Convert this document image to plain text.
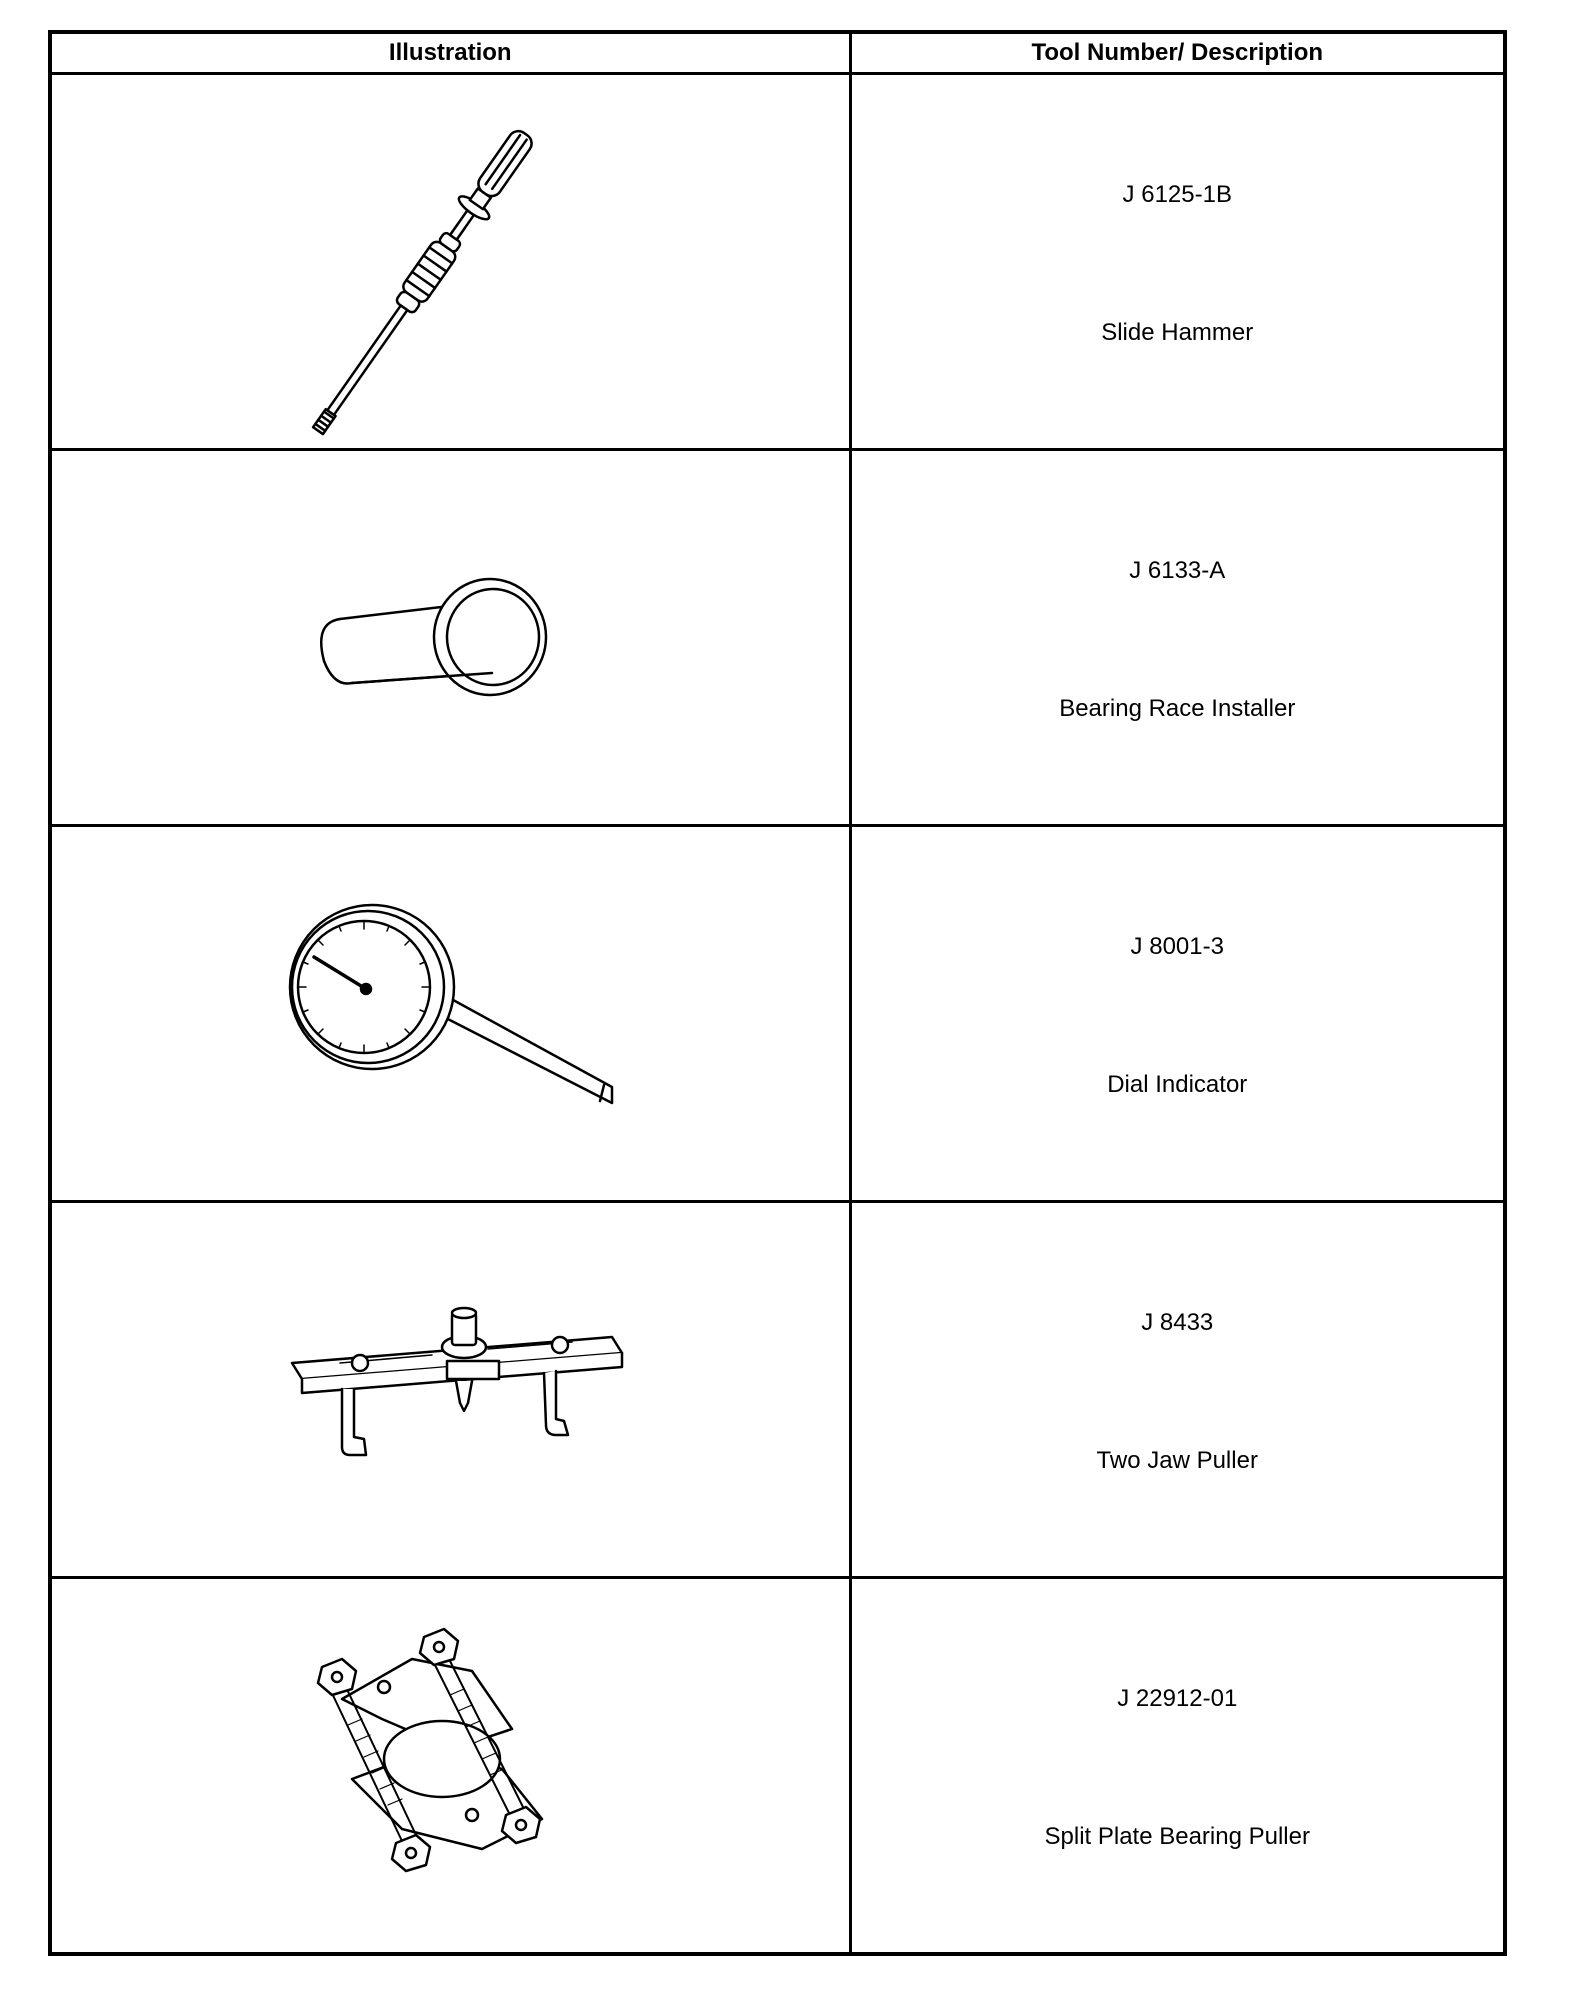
Illustration	Tool Number/ Description

J 6125-1B
Slide Hammer

J 6133-A
Bearing Race Installer

J 8001-3
Dial Indicator

J 8433
Two Jaw Puller

J 22912-01
Split Plate Bearing Puller
